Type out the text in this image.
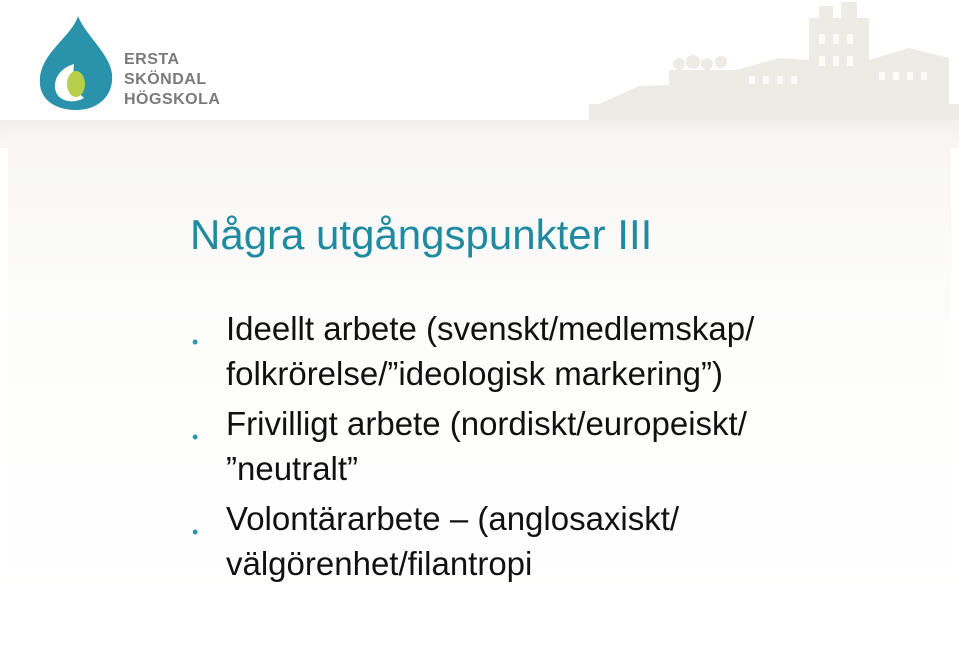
ERSTA
SKÖNDAL
HÖGSKOLA
Några utgångspunkter III
• Ideellt arbete (svenskt/medlemskap/
folkrörelse/”ideologisk markering”)
• Frivilligt arbete (nordiskt/europeiskt/
”neutralt”
• Volontärarbete – (anglosaxiskt/
välgörenhet/filantropi
